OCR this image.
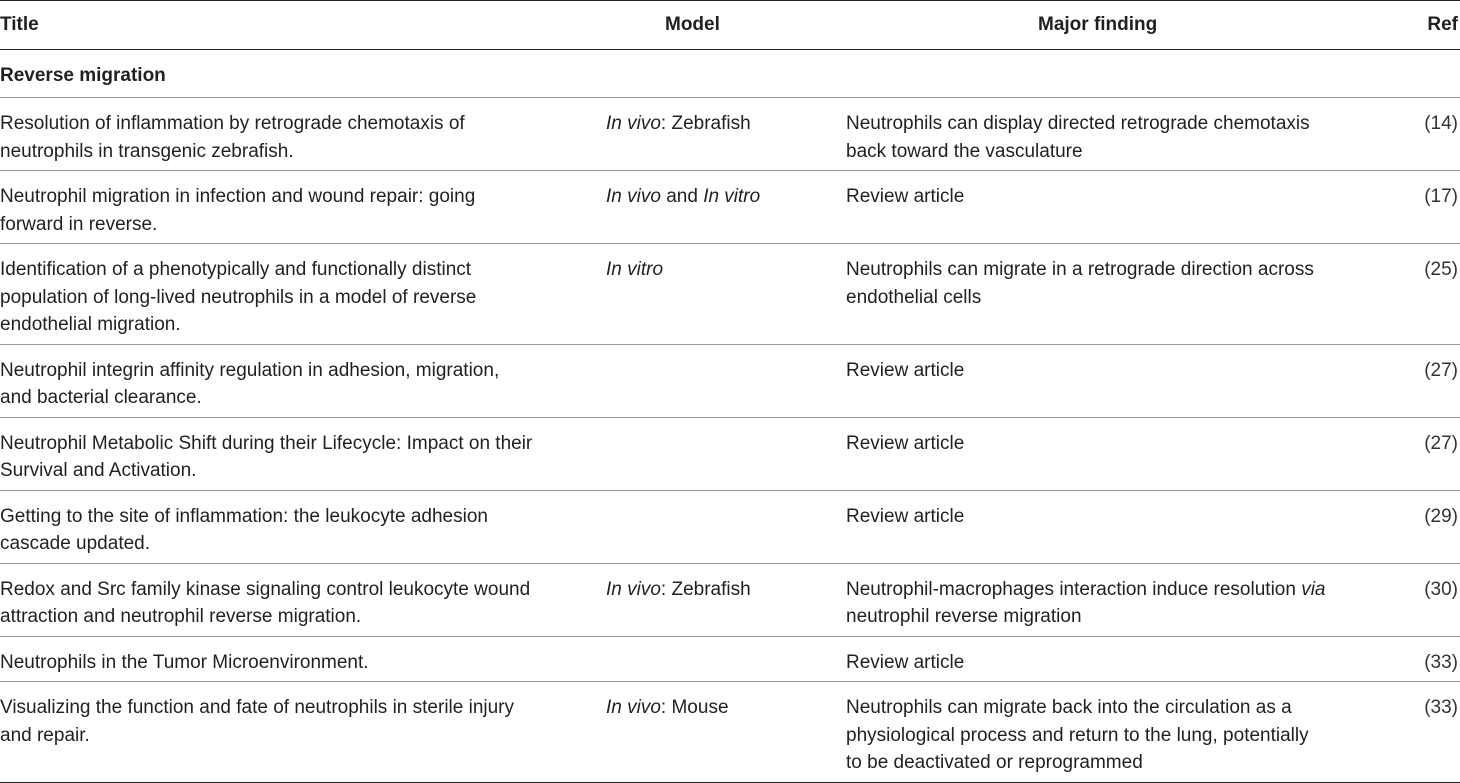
Title	Model	Major finding	Ref
Reverse migration			
Resolution of inflammation by retrograde chemotaxis of neutrophils in transgenic zebrafish.	In vivo: Zebrafish	Neutrophils can display directed retrograde chemotaxis back toward the vasculature	(14)
Neutrophil migration in infection and wound repair: going forward in reverse.	In vivo and In vitro	Review article	(17)
Identification of a phenotypically and functionally distinct population of long-lived neutrophils in a model of reverse endothelial migration.	In vitro	Neutrophils can migrate in a retrograde direction across endothelial cells	(25)
Neutrophil integrin affinity regulation in adhesion, migration, and bacterial clearance.		Review article	(27)
Neutrophil Metabolic Shift during their Lifecycle: Impact on their Survival and Activation.		Review article	(27)
Getting to the site of inflammation: the leukocyte adhesion cascade updated.		Review article	(29)
Redox and Src family kinase signaling control leukocyte wound attraction and neutrophil reverse migration.	In vivo: Zebrafish	Neutrophil-macrophages interaction induce resolution via neutrophil reverse migration	(30)
Neutrophils in the Tumor Microenvironment.		Review article	(33)
Visualizing the function and fate of neutrophils in sterile injury and repair.	In vivo: Mouse	Neutrophils can migrate back into the circulation as a physiological process and return to the lung, potentially to be deactivated or reprogrammed	(33)
